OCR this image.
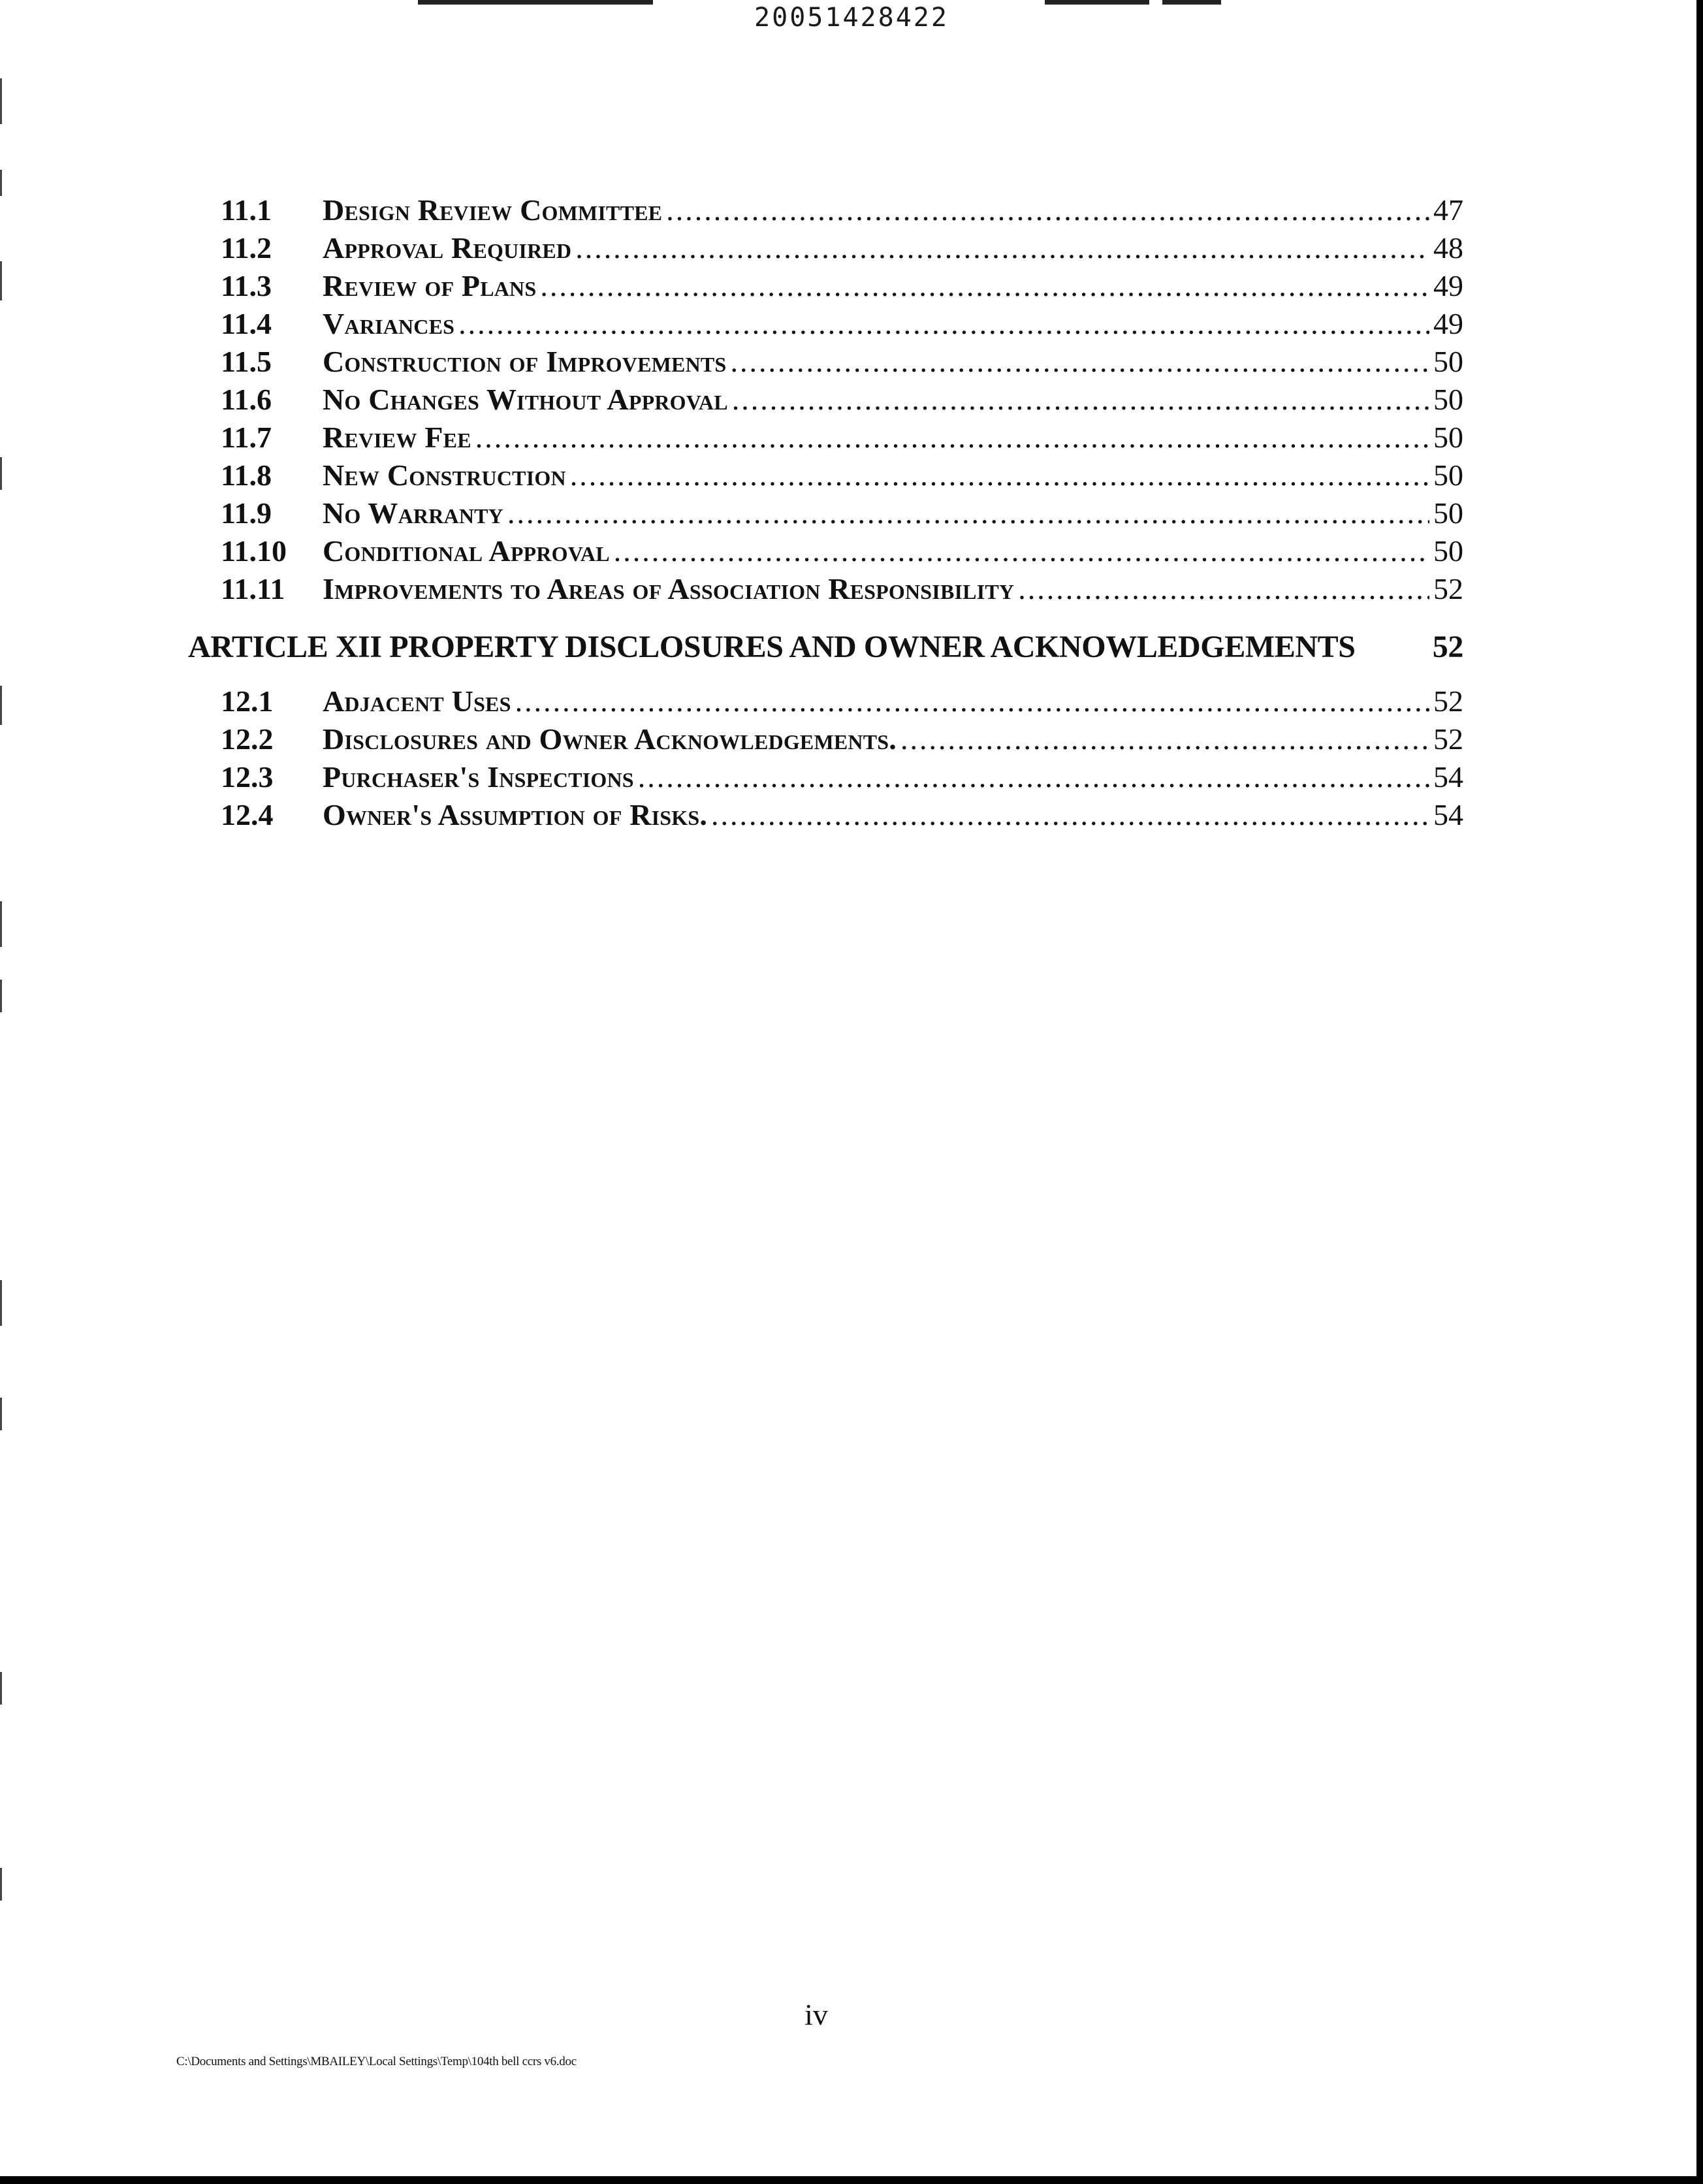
20051428422
11.1	Design Review Committee .....	47
11.2	Approval Required .....	48
11.3	Review of Plans .....	49
11.4	Variances .....	49
11.5	Construction of Improvements .....	50
11.6	No Changes Without Approval .....	50
11.7	Review Fee .....	50
11.8	New Construction .....	50
11.9	No Warranty .....	50
11.10	Conditional Approval .....	50
11.11	Improvements to Areas of Association Responsibility .....	52
ARTICLE XII PROPERTY DISCLOSURES AND OWNER ACKNOWLEDGEMENTS	52
12.1	Adjacent Uses .....	52
12.2	Disclosures and Owner Acknowledgements. .....	52
12.3	Purchaser's Inspections .....	54
12.4	Owner's Assumption of Risks. .....	54
iv
C:\Documents and Settings\MBAILEY\Local Settings\Temp\104th bell ccrs v6.doc
